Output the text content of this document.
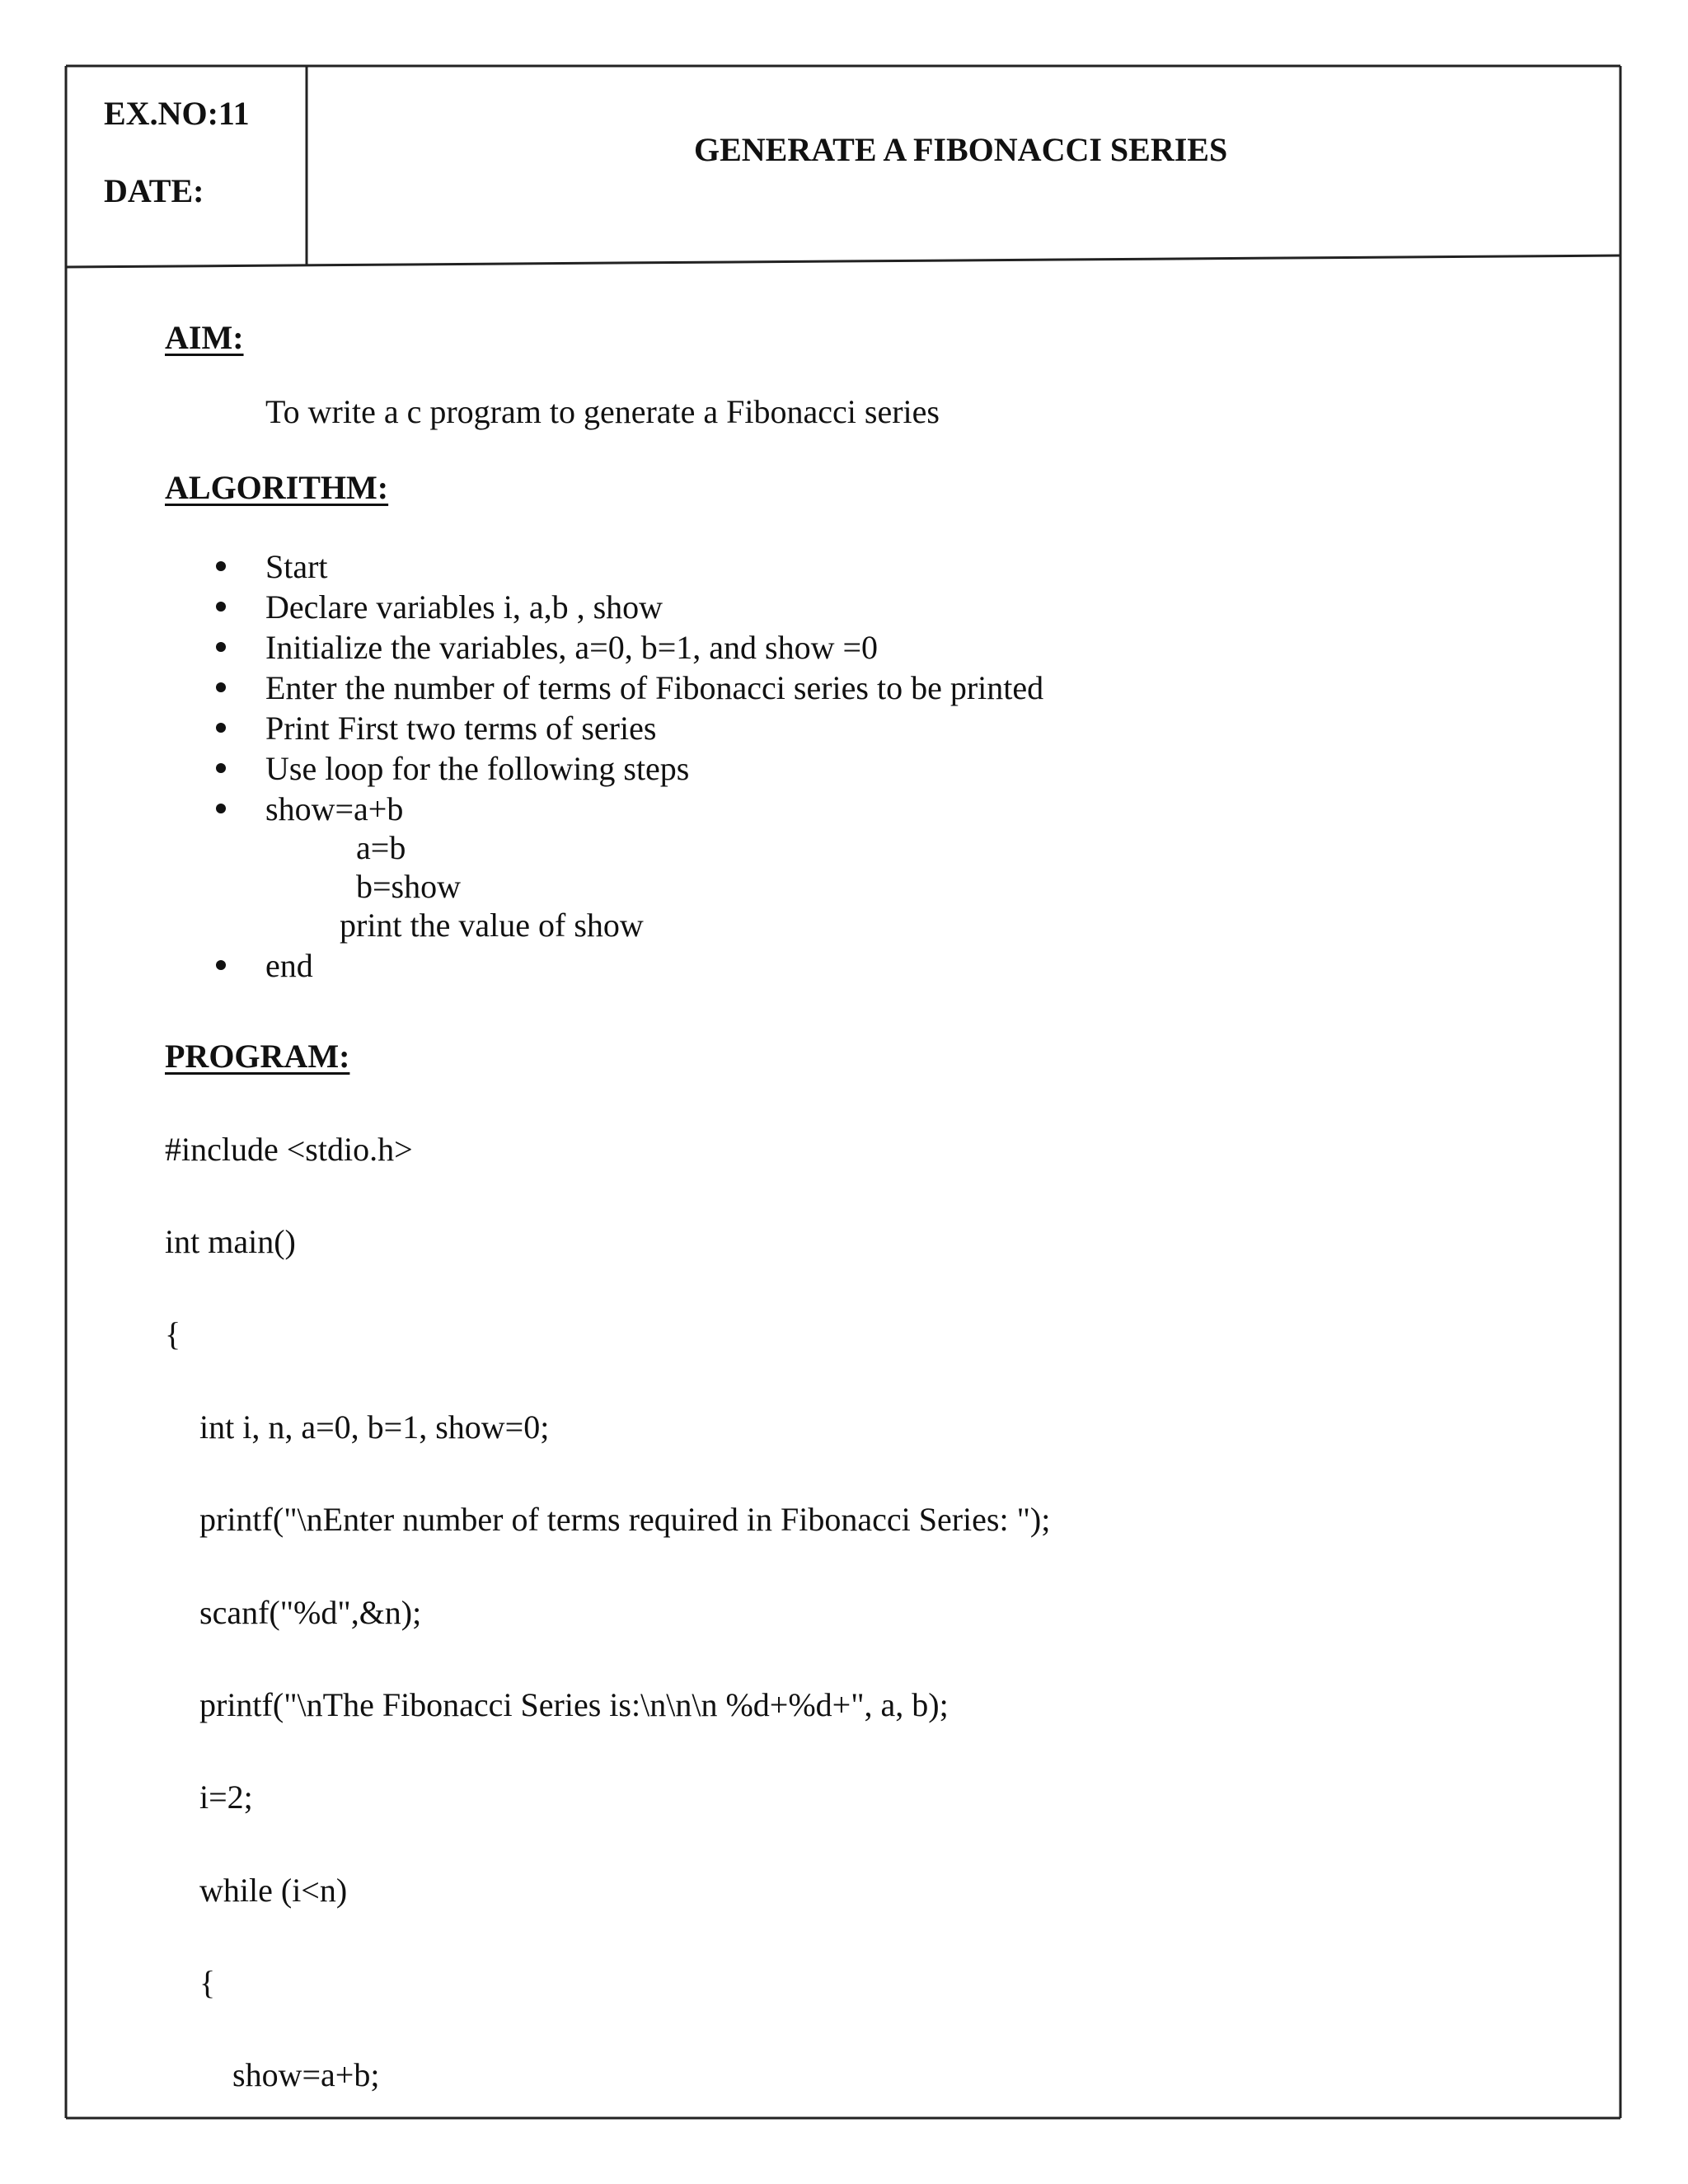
EX.NO:11
DATE:
GENERATE A FIBONACCI SERIES
AIM:
To write a c program to generate a Fibonacci series
ALGORITHM:
Start
Declare variables i, a,b , show
Initialize the variables, a=0, b=1, and show =0
Enter the number of terms of Fibonacci series to be printed
Print First two terms of series
Use loop for the following steps
show=a+b
a=b
b=show
print the value of show
end
PROGRAM:
#include <stdio.h>
int main()
{
int i, n, a=0, b=1, show=0;
printf("\nEnter number of terms required in Fibonacci Series: ");
scanf("%d",&n);
printf("\nThe Fibonacci Series is:\n\n\n %d+%d+", a, b);
i=2;
while (i<n)
{
show=a+b;
